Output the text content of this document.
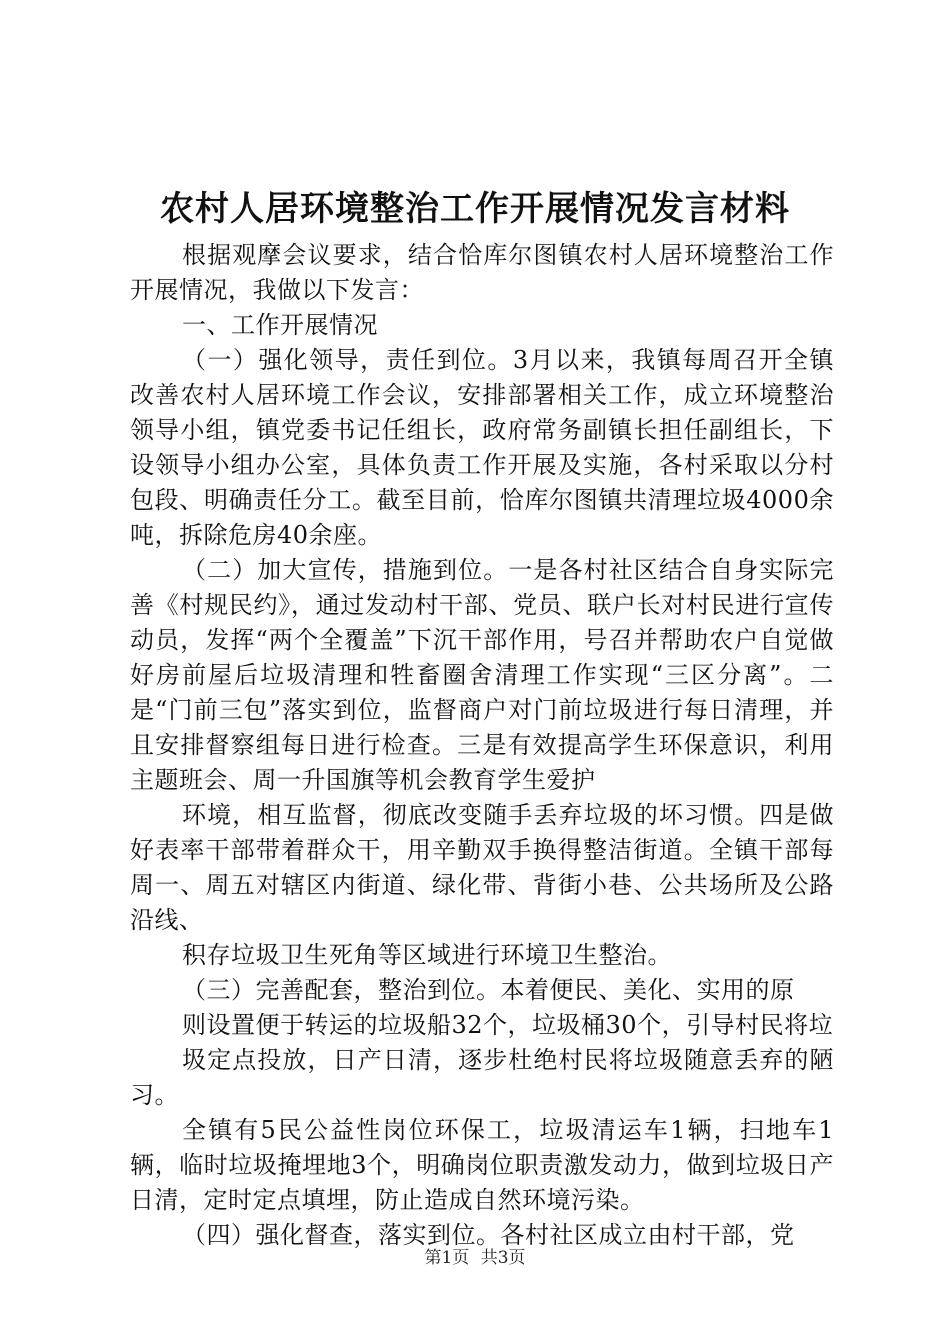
农村人居环境整治工作开展情况发言材料

根据观摩会议要求，结合恰库尔图镇农村人居环境整治工作开展情况，我做以下发言：

一、工作开展情况

（一）强化领导，责任到位。3月以来，我镇每周召开全镇改善农村人居环境工作会议，安排部署相关工作，成立环境整治领导小组，镇党委书记任组长，政府常务副镇长担任副组长，下设领导小组办公室，具体负责工作开展及实施，各村采取以分村包段、明确责任分工。截至目前，恰库尔图镇共清理垃圾4000余吨，拆除危房40余座。

（二）加大宣传，措施到位。一是各村社区结合自身实际完善《村规民约》，通过发动村干部、党员、联户长对村民进行宣传动员，发挥“两个全覆盖”下沉干部作用，号召并帮助农户自觉做好房前屋后垃圾清理和牲畜圈舍清理工作实现“三区分离”。二是“门前三包”落实到位，监督商户对门前垃圾进行每日清理，并且安排督察组每日进行检查。三是有效提高学生环保意识，利用主题班会、周一升国旗等机会教育学生爱护

环境，相互监督，彻底改变随手丢弃垃圾的坏习惯。四是做好表率干部带着群众干，用辛勤双手换得整洁街道。全镇干部每周一、周五对辖区内街道、绿化带、背街小巷、公共场所及公路沿线、

积存垃圾卫生死角等区域进行环境卫生整治。

（三）完善配套，整治到位。本着便民、美化、实用的原

则设置便于转运的垃圾船32个，垃圾桶30个，引导村民将垃

圾定点投放，日产日清，逐步杜绝村民将垃圾随意丢弃的陋习。

全镇有5民公益性岗位环保工，垃圾清运车1辆，扫地车1辆，临时垃圾掩埋地3个，明确岗位职责激发动力，做到垃圾日产日清，定时定点填埋，防止造成自然环境污染。

（四）强化督查，落实到位。各村社区成立由村干部，党

第1页 共3页
